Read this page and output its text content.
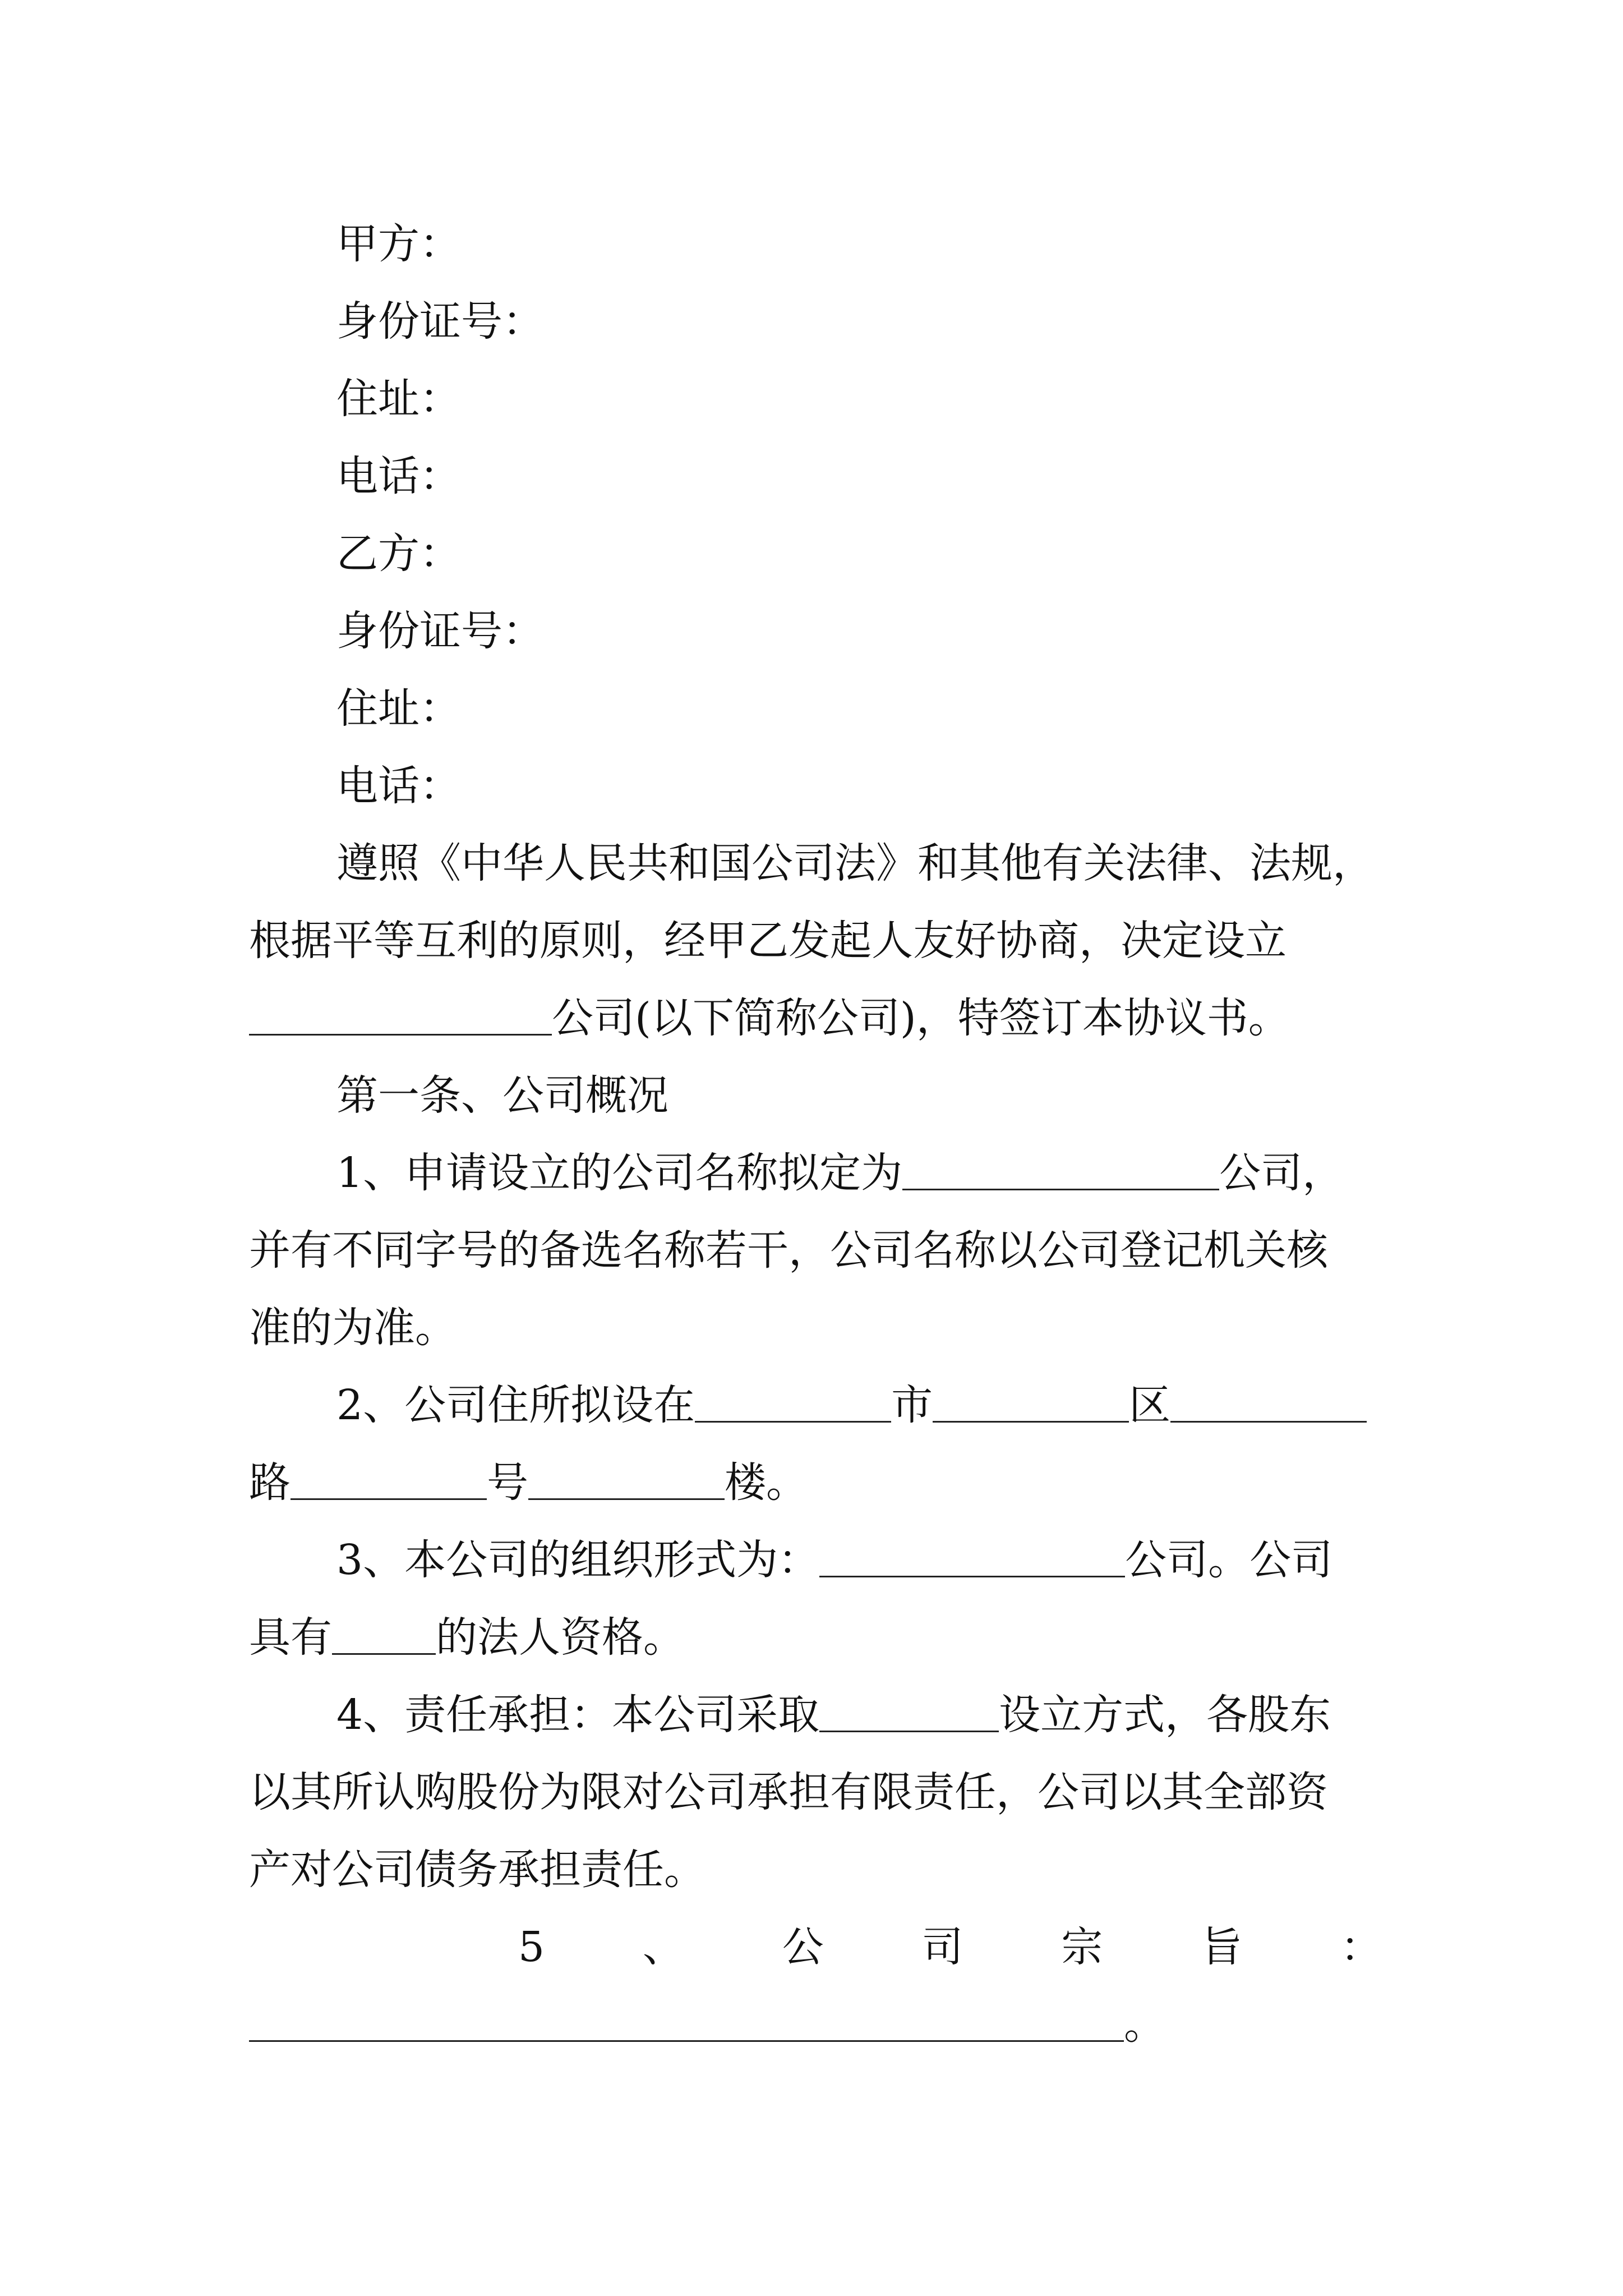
甲方：
身份证号：
住址：
电话：
乙方：
身份证号：
住址：
电话：
遵照《中华人民共和国公司法》和其他有关法律、法规，
根据平等互利的原则，经甲乙发起人友好协商，决定设立
公司(以下简称公司)，特签订本协议书。
第一条、公司概况
1、申请设立的公司名称拟定为	公司，
并有不同字号的备选名称若干，公司名称以公司登记机关核
准的为准。
2、公司住所拟设在	市	区
路	号	楼。
3、本公司的组织形式为：	公司。公司
具有	的法人资格。
4、责任承担：本公司采取	设立方式，各股东
以其所认购股份为限对公司承担有限责任，公司以其全部资
产对公司债务承担责任。
5 、 公 司 宗 旨 ：
。
